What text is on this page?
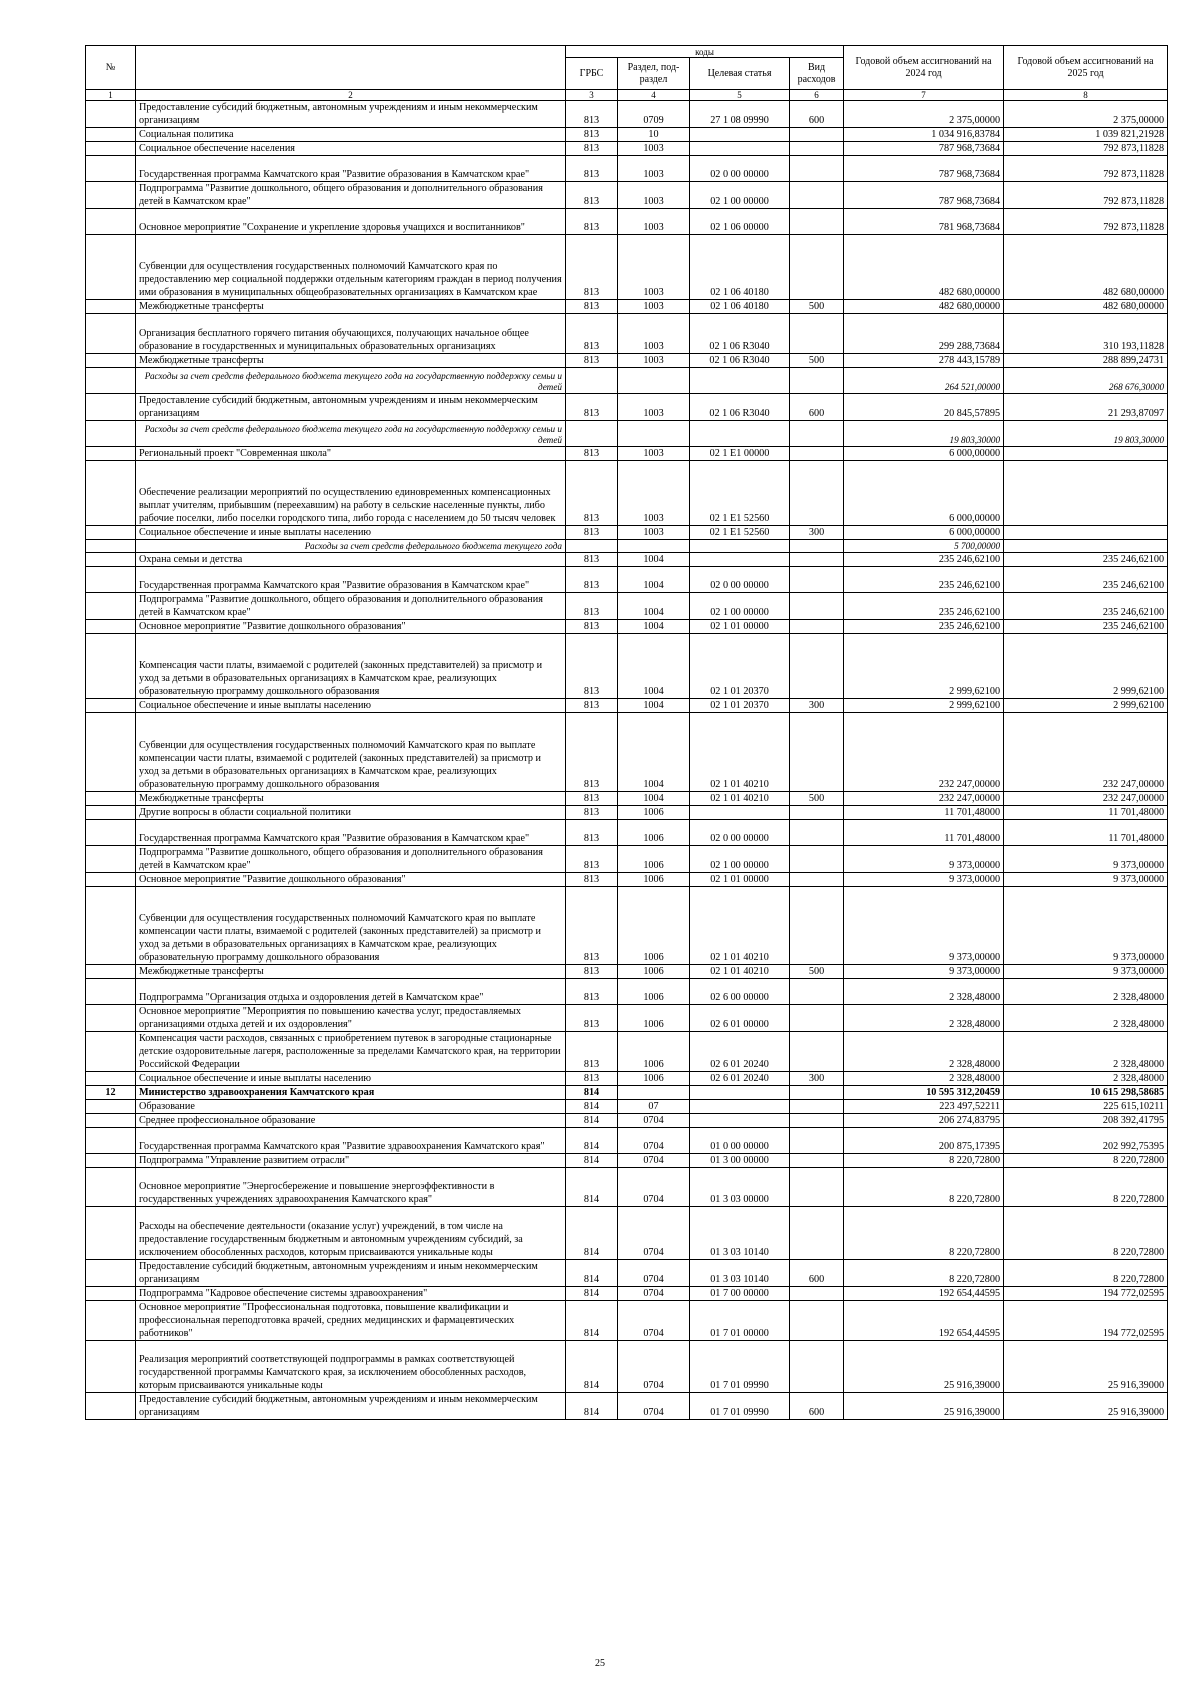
№		коды				Годовой объем ассигнований на 2024 год	Годовой объем ассигнований на 2025 год
		ГРБС	Раздел, под-раздел	Целевая статья	Вид расходов		
1	2	3	4	5	6	7	8
	Предоставление субсидий бюджетным, автономным учреждениям и иным некоммерческим организациям	813	0709	27 1 08 09990	600	2 375,00000	2 375,00000
	Социальная политика	813	10			1 034 916,83784	1 039 821,21928
	Социальное обеспечение населения	813	1003			787 968,73684	792 873,11828
	Государственная программа Камчатского края "Развитие образования в Камчатском крае"	813	1003	02 0 00 00000		787 968,73684	792 873,11828
	Подпрограмма "Развитие дошкольного, общего образования и дополнительного образования детей в Камчатском крае"	813	1003	02 1 00 00000		787 968,73684	792 873,11828
	Основное мероприятие "Сохранение и укрепление здоровья учащихся и воспитанников"	813	1003	02 1 06 00000		781 968,73684	792 873,11828
	Субвенции для осуществления государственных полномочий Камчатского края по предоставлению мер социальной поддержки отдельным категориям граждан в период получения ими образования в муниципальных общеобразовательных организациях в Камчатском крае	813	1003	02 1 06 40180		482 680,00000	482 680,00000
	Межбюджетные трансферты	813	1003	02 1 06 40180	500	482 680,00000	482 680,00000
	Организация бесплатного горячего питания обучающихся, получающих начальное общее образование в государственных и муниципальных образовательных организациях	813	1003	02 1 06 R3040		299 288,73684	310 193,11828
	Межбюджетные трансферты	813	1003	02 1 06 R3040	500	278 443,15789	288 899,24731
	Расходы за счет средств федерального бюджета текущего года на государственную поддержку семьи и детей					264 521,00000	268 676,30000
	Предоставление субсидий бюджетным, автономным учреждениям и иным некоммерческим организациям	813	1003	02 1 06 R3040	600	20 845,57895	21 293,87097
	Расходы за счет средств федерального бюджета текущего года на государственную поддержку семьи и детей					19 803,30000	19 803,30000
	Региональный проект "Современная школа"	813	1003	02 1 E1 00000		6 000,00000	
	Обеспечение реализации мероприятий по осуществлению единовременных компенсационных выплат учителям, прибывшим (переехавшим) на работу в сельские населенные пункты, либо рабочие поселки, либо поселки городского типа, либо города с населением до 50 тысяч человек	813	1003	02 1 E1 52560		6 000,00000	
	Социальное обеспечение и иные выплаты населению	813	1003	02 1 E1 52560	300	6 000,00000	
	Расходы за счет средств федерального бюджета текущего года					5 700,00000	
	Охрана семьи и детства	813	1004			235 246,62100	235 246,62100
	Государственная программа Камчатского края "Развитие образования в Камчатском крае"	813	1004	02 0 00 00000		235 246,62100	235 246,62100
	Подпрограмма "Развитие дошкольного, общего образования и дополнительного образования детей в Камчатском крае"	813	1004	02 1 00 00000		235 246,62100	235 246,62100
	Основное мероприятие "Развитие дошкольного образования"	813	1004	02 1 01 00000		235 246,62100	235 246,62100
	Компенсация части платы, взимаемой с родителей (законных представителей) за присмотр и уход за детьми в образовательных организациях в Камчатском крае, реализующих образовательную программу дошкольного образования	813	1004	02 1 01 20370		2 999,62100	2 999,62100
	Социальное обеспечение и иные выплаты населению	813	1004	02 1 01 20370	300	2 999,62100	2 999,62100
	Субвенции для осуществления государственных полномочий Камчатского края по выплате компенсации части платы, взимаемой с родителей (законных представителей) за присмотр и уход за детьми в образовательных организациях в Камчатском крае, реализующих образовательную программу дошкольного образования	813	1004	02 1 01 40210		232 247,00000	232 247,00000
	Межбюджетные трансферты	813	1004	02 1 01 40210	500	232 247,00000	232 247,00000
	Другие вопросы в области социальной политики	813	1006			11 701,48000	11 701,48000
	Государственная программа Камчатского края "Развитие образования в Камчатском крае"	813	1006	02 0 00 00000		11 701,48000	11 701,48000
	Подпрограмма "Развитие дошкольного, общего образования и дополнительного образования детей в Камчатском крае"	813	1006	02 1 00 00000		9 373,00000	9 373,00000
	Основное мероприятие "Развитие дошкольного образования"	813	1006	02 1 01 00000		9 373,00000	9 373,00000
	Субвенции для осуществления государственных полномочий Камчатского края по выплате компенсации части платы, взимаемой с родителей (законных представителей) за присмотр и уход за детьми в образовательных организациях в Камчатском крае, реализующих образовательную программу дошкольного образования	813	1006	02 1 01 40210		9 373,00000	9 373,00000
	Межбюджетные трансферты	813	1006	02 1 01 40210	500	9 373,00000	9 373,00000
	Подпрограмма "Организация отдыха и оздоровления детей в Камчатском крае"	813	1006	02 6 00 00000		2 328,48000	2 328,48000
	Основное мероприятие "Мероприятия по повышению качества услуг, предоставляемых организациями отдыха детей и их оздоровления"	813	1006	02 6 01 00000		2 328,48000	2 328,48000
	Компенсация части расходов, связанных с приобретением путевок в загородные стационарные детские оздоровительные лагеря, расположенные за пределами Камчатского края, на территории Российской Федерации	813	1006	02 6 01 20240		2 328,48000	2 328,48000
	Социальное обеспечение и иные выплаты населению	813	1006	02 6 01 20240	300	2 328,48000	2 328,48000
12	Министерство здравоохранения Камчатского края	814				10 595 312,20459	10 615 298,58685
	Образование	814	07			223 497,52211	225 615,10211
	Среднее профессиональное образование	814	0704			206 274,83795	208 392,41795
	Государственная программа Камчатского края "Развитие здравоохранения Камчатского края"	814	0704	01 0 00 00000		200 875,17395	202 992,75395
	Подпрограмма "Управление развитием отрасли"	814	0704	01 3 00 00000		8 220,72800	8 220,72800
	Основное мероприятие "Энергосбережение и повышение энергоэффективности в государственных учреждениях здравоохранения Камчатского края"	814	0704	01 3 03 00000		8 220,72800	8 220,72800
	Расходы на обеспечение деятельности (оказание услуг) учреждений, в том числе на предоставление государственным бюджетным и автономным учреждениям субсидий, за исключением обособленных расходов, которым присваиваются уникальные коды	814	0704	01 3 03 10140		8 220,72800	8 220,72800
	Предоставление субсидий бюджетным, автономным учреждениям и иным некоммерческим организациям	814	0704	01 3 03 10140	600	8 220,72800	8 220,72800
	Подпрограмма "Кадровое обеспечение системы здравоохранения"	814	0704	01 7 00 00000		192 654,44595	194 772,02595
	Основное мероприятие "Профессиональная подготовка, повышение квалификации и профессиональная переподготовка врачей, средних медицинских и фармацевтических работников"	814	0704	01 7 01 00000		192 654,44595	194 772,02595
	Реализация мероприятий соответствующей подпрограммы в рамках соответствующей государственной программы Камчатского края, за исключением обособленных расходов, которым присваиваются уникальные коды	814	0704	01 7 01 09990		25 916,39000	25 916,39000
	Предоставление субсидий бюджетным, автономным учреждениям и иным некоммерческим организациям	814	0704	01 7 01 09990	600	25 916,39000	25 916,39000
25
